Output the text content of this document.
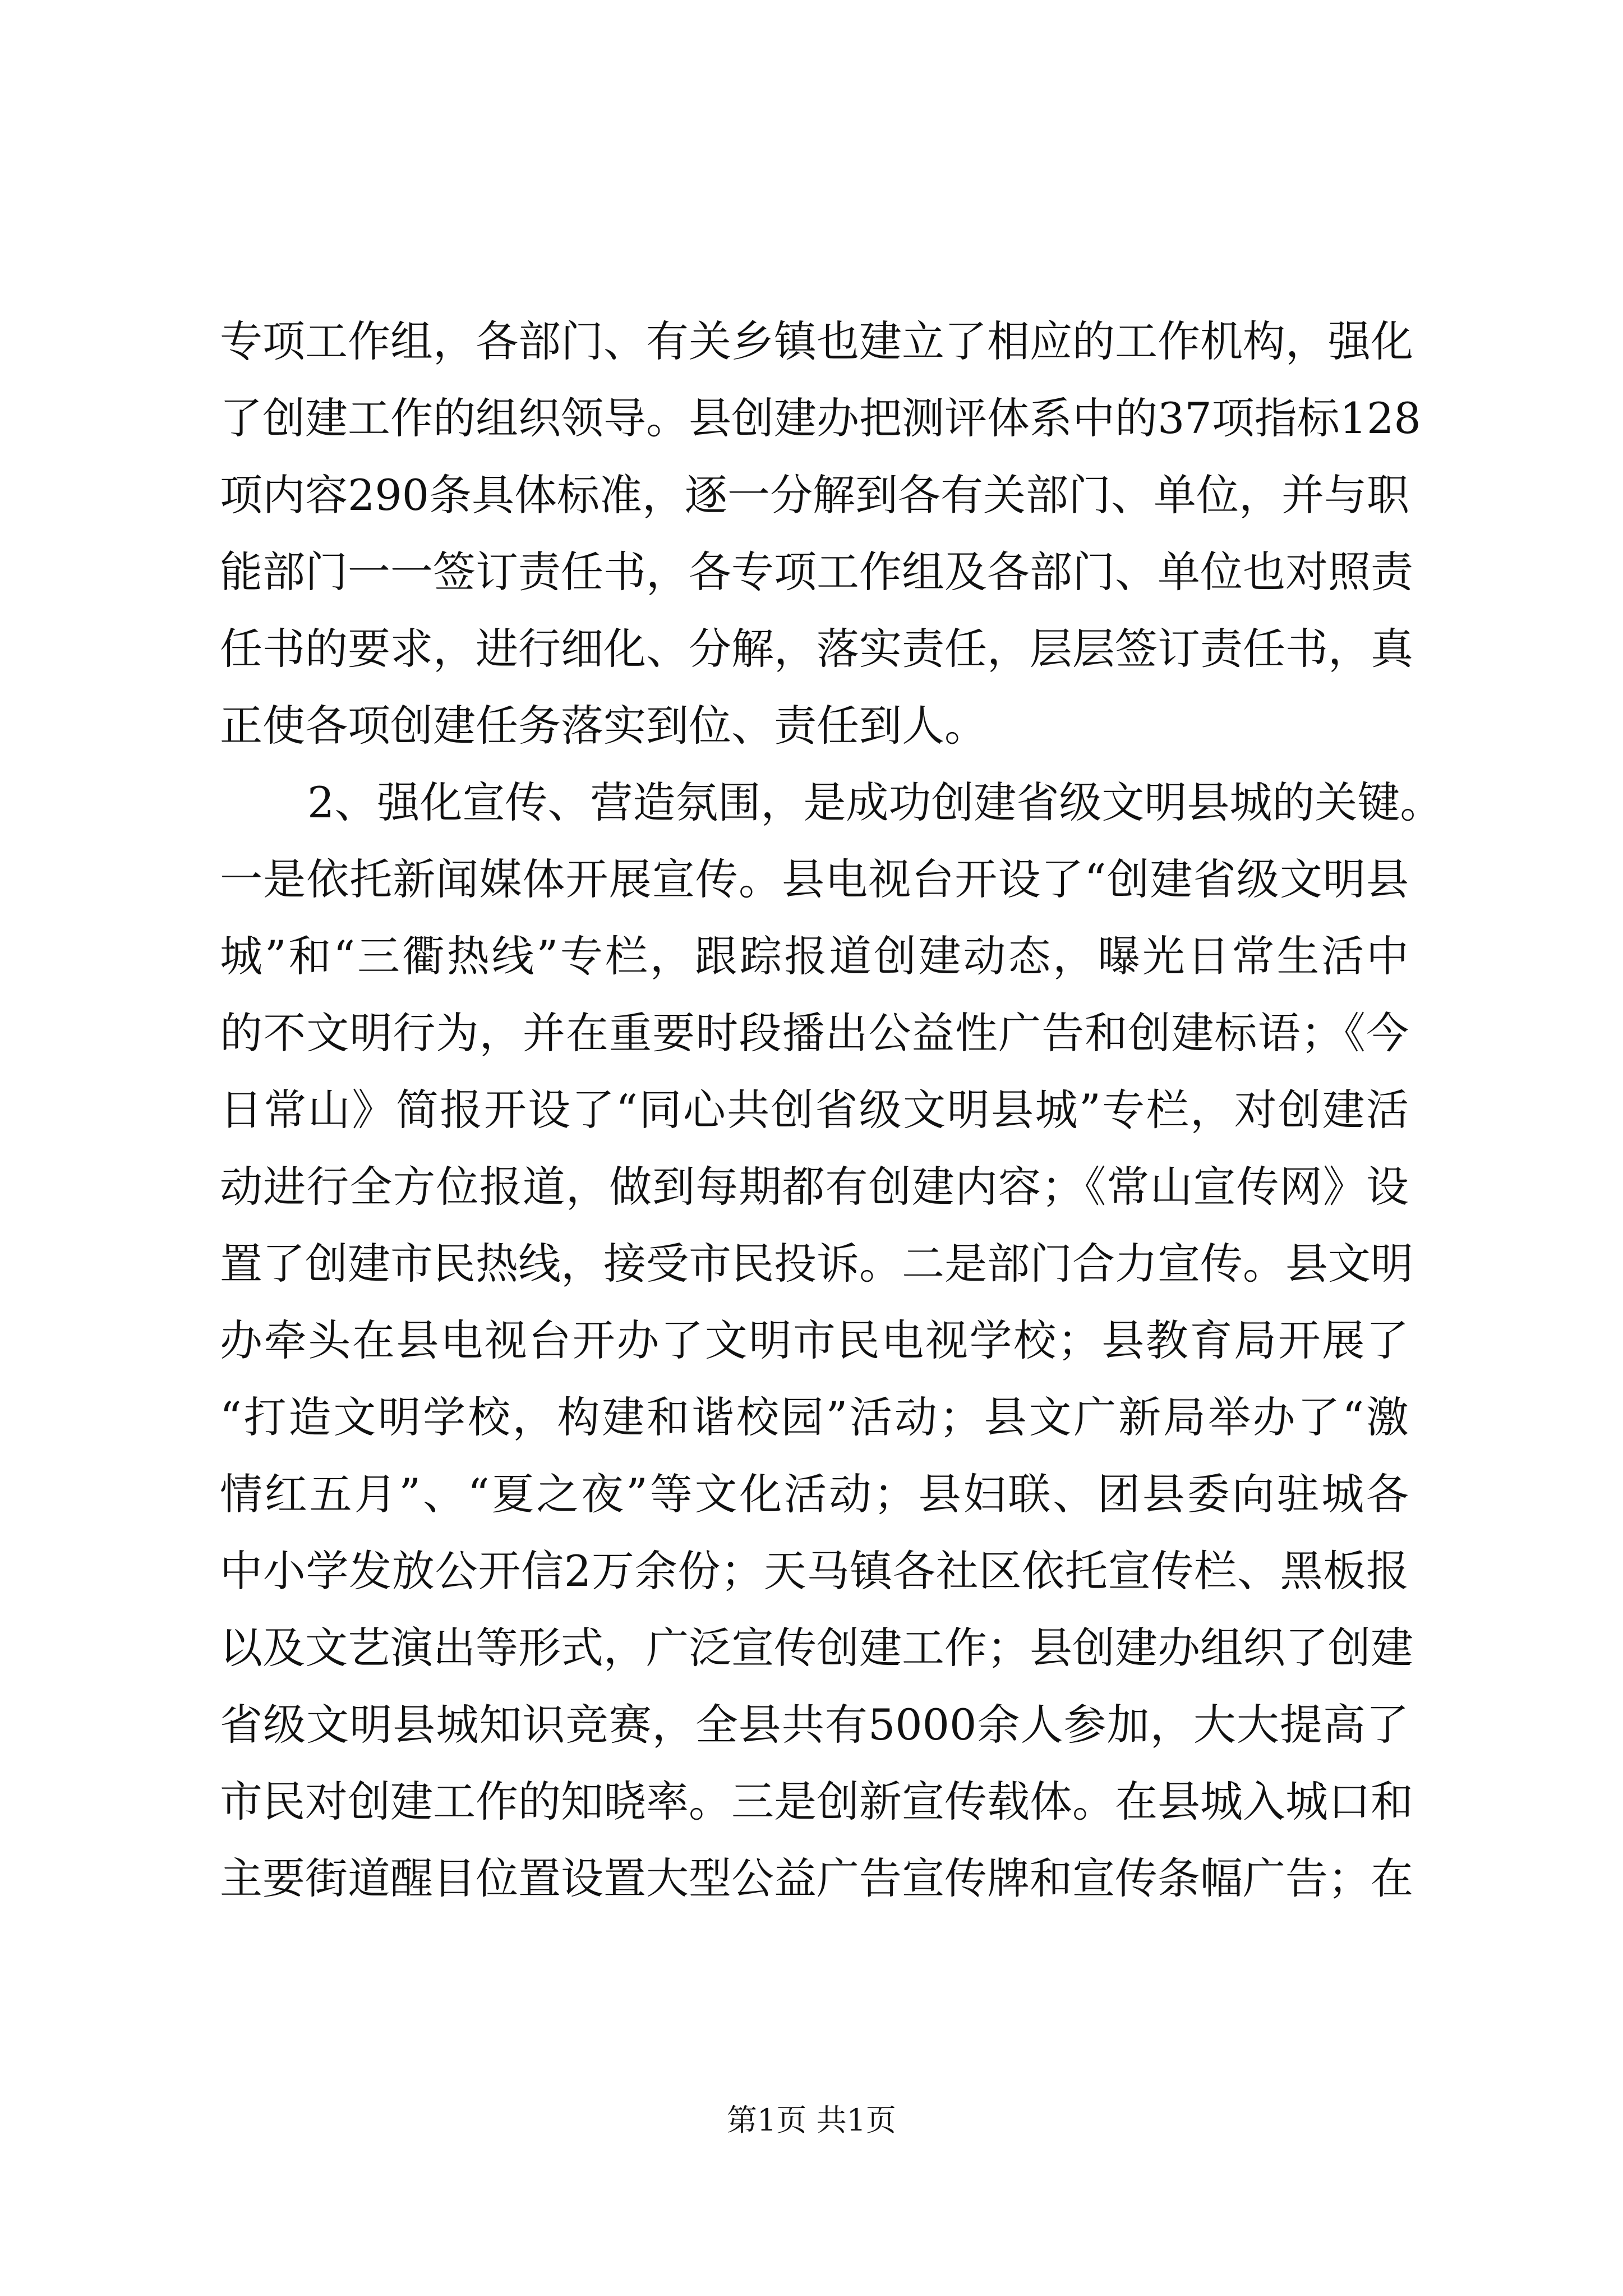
专项工作组，各部门、有关乡镇也建立了相应的工作机构，强化
了创建工作的组织领导。县创建办把测评体系中的37项指标128
项内容290条具体标准，逐一分解到各有关部门、单位，并与职
能部门一一签订责任书，各专项工作组及各部门、单位也对照责
任书的要求，进行细化、分解，落实责任，层层签订责任书，真
正使各项创建任务落实到位、责任到人。
2、强化宣传、营造氛围，是成功创建省级文明县城的关键。
一是依托新闻媒体开展宣传。县电视台开设了“创建省级文明县
城”和“三衢热线”专栏，跟踪报道创建动态，曝光日常生活中
的不文明行为，并在重要时段播出公益性广告和创建标语；《今
日常山》简报开设了“同心共创省级文明县城”专栏，对创建活
动进行全方位报道，做到每期都有创建内容；《常山宣传网》设
置了创建市民热线，接受市民投诉。二是部门合力宣传。县文明
办牵头在县电视台开办了文明市民电视学校；县教育局开展了
“打造文明学校，构建和谐校园”活动；县文广新局举办了“激
情红五月”、“夏之夜”等文化活动；县妇联、团县委向驻城各
中小学发放公开信2万余份；天马镇各社区依托宣传栏、黑板报
以及文艺演出等形式，广泛宣传创建工作；县创建办组织了创建
省级文明县城知识竞赛，全县共有5000余人参加，大大提高了
市民对创建工作的知晓率。三是创新宣传载体。在县城入城口和
主要街道醒目位置设置大型公益广告宣传牌和宣传条幅广告；在
第1页 共1页
